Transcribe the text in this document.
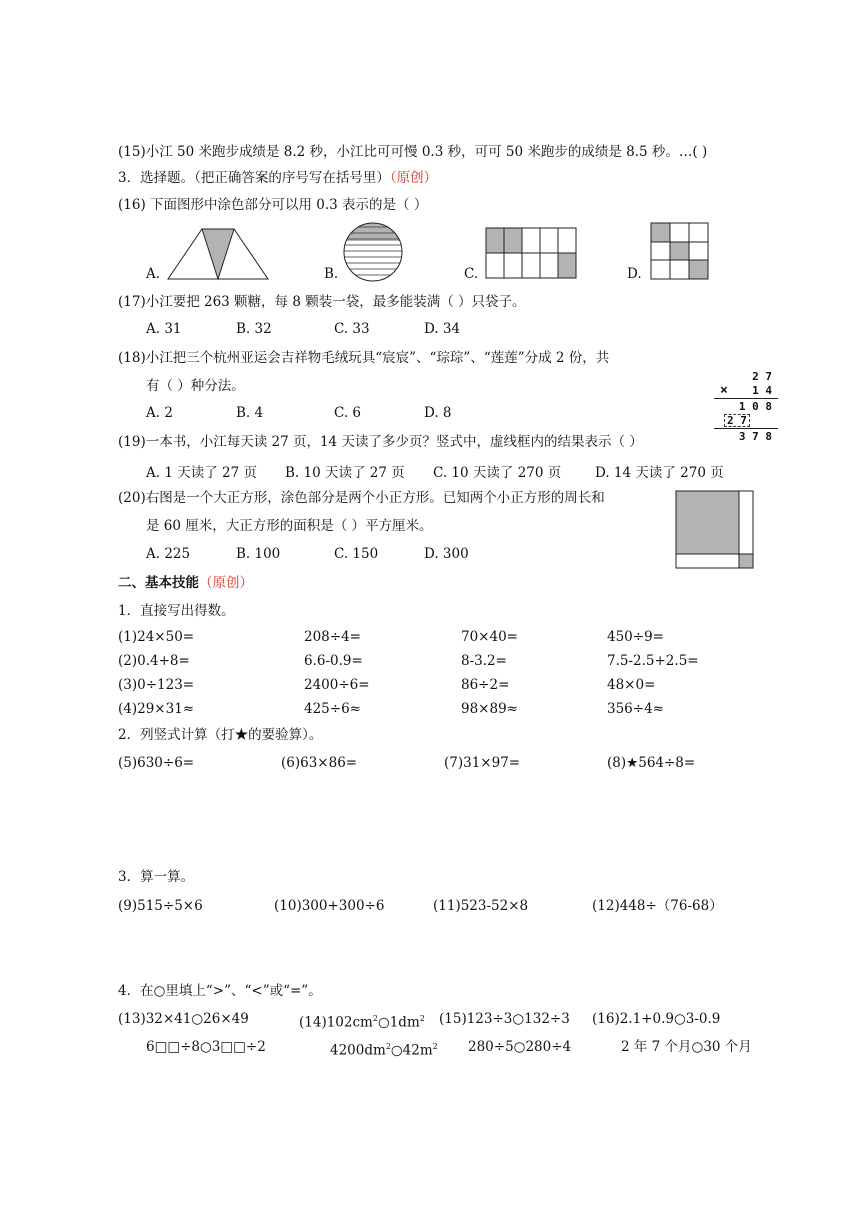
(15)小江 50 米跑步成绩是 8.2 秒，小江比可可慢 0.3 秒，可可 50 米跑步的成绩是 8.5 秒。…( )
3．选择题。（把正确答案的序号写在括号里）（原创）
(16) 下面图形中涂色部分可以用 0.3 表示的是（ ）
A.	B.	C.	D.
(17)小江要把 263 颗糖，每 8 颗装一袋，最多能装满（ ）只袋子。
A. 31	B. 32	C. 33	D. 34
(18)小江把三个杭州亚运会吉祥物毛绒玩具“宸宸”、“琮琮”、“莲莲”分成 2 份，共
有（ ）种分法。
A. 2	B. 4	C. 6	D. 8
2 7
× 1 4
1 0 8
2 7
3 7 8
(19)一本书，小江每天读 27 页，14 天读了多少页？竖式中，虚线框内的结果表示（ ）
A. 1 天读了 27 页 B. 10 天读了 27 页 C. 10 天读了 270 页	D. 14 天读了 270 页
(20)右图是一个大正方形，涂色部分是两个小正方形。已知两个小正方形的周长和
是 60 厘米，大正方形的面积是（ ）平方厘米。
A. 225	B. 100	C. 150	D. 300
二、基本技能（原创）
1．直接写出得数。
(1)24×50=	208÷4=	70×40=	450÷9=
(2)0.4+8=	6.6-0.9=	8-3.2=	7.5-2.5+2.5=
(3)0÷123=	2400÷6=	86÷2=	48×0=
(4)29×31≈	425÷6≈	98×89≈	356÷4≈
2．列竖式计算（打★的要验算）。
(5)630÷6=	(6)63×86=	(7)31×97=	(8)★564÷8=
3．算一算。
(9)515÷5×6	(10)300+300÷6	(11)523-52×8	(12)448÷（76-68）
4．在○里填上“>”、“<”或“=”。
(13)32×41○26×49	$(14)102cm^2○1dm^2$ (15)123÷3○132÷3 (16)2.1+0.9○3-0.9
6□□÷8○3□□÷2	$4200dm^2○42m^2$ 280÷5○280÷4	2 年 7 个月○30 个月
